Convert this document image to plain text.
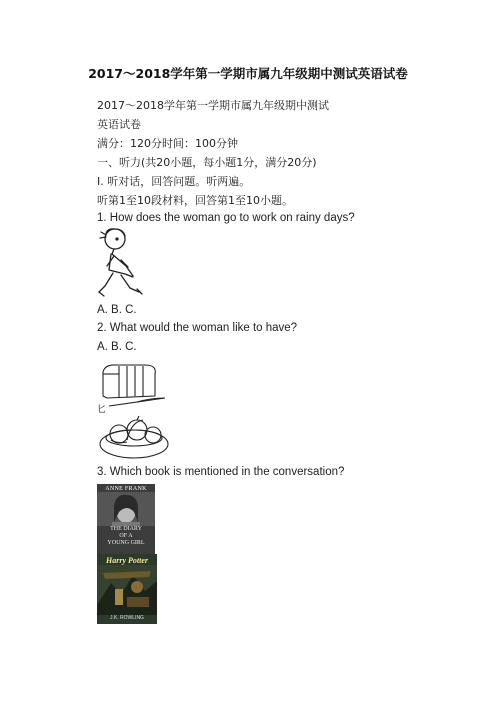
2017～2018学年第一学期市属九年级期中测试英语试卷
2017～2018学年第一学期市属九年级期中测试
英语试卷
满分：120分时间：100分钟
一、听力(共20小题，每小题1分，满分20分)
I. 听对话，回答问题。听两遍。
听第1至10段材料，回答第1至10小题。
1. How does the woman go to work on rainy days?
A. B. C.
2. What would the woman like to have?
A. B. C.
匕
3. Which book is mentioned in the conversation?
ANNE FRANK
THE DIARY
OF A
YOUNG GIRL
Harry Potter
J.K. ROWLING
